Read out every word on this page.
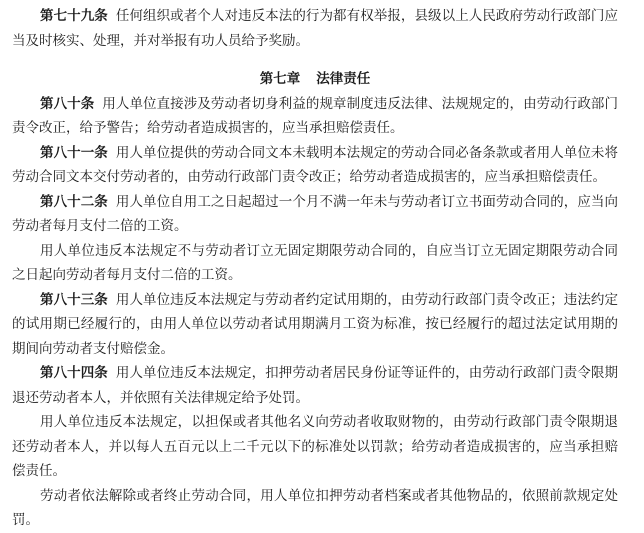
第七十九条 任何组织或者个人对违反本法的行为都有权举报，县级以上人民政府劳动行政部门应当及时核实、处理，并对举报有功人员给予奖励。

第七章 法律责任

第八十条 用人单位直接涉及劳动者切身利益的规章制度违反法律、法规规定的，由劳动行政部门责令改正，给予警告；给劳动者造成损害的，应当承担赔偿责任。

第八十一条 用人单位提供的劳动合同文本未载明本法规定的劳动合同必备条款或者用人单位未将劳动合同文本交付劳动者的，由劳动行政部门责令改正；给劳动者造成损害的，应当承担赔偿责任。

第八十二条 用人单位自用工之日起超过一个月不满一年未与劳动者订立书面劳动合同的，应当向劳动者每月支付二倍的工资。

用人单位违反本法规定不与劳动者订立无固定期限劳动合同的，自应当订立无固定期限劳动合同之日起向劳动者每月支付二倍的工资。

第八十三条 用人单位违反本法规定与劳动者约定试用期的，由劳动行政部门责令改正；违法约定的试用期已经履行的，由用人单位以劳动者试用期满月工资为标准，按已经履行的超过法定试用期的期间向劳动者支付赔偿金。

第八十四条 用人单位违反本法规定，扣押劳动者居民身份证等证件的，由劳动行政部门责令限期退还劳动者本人，并依照有关法律规定给予处罚。

用人单位违反本法规定，以担保或者其他名义向劳动者收取财物的，由劳动行政部门责令限期退还劳动者本人，并以每人五百元以上二千元以下的标准处以罚款；给劳动者造成损害的，应当承担赔偿责任。

劳动者依法解除或者终止劳动合同，用人单位扣押劳动者档案或者其他物品的，依照前款规定处罚。
